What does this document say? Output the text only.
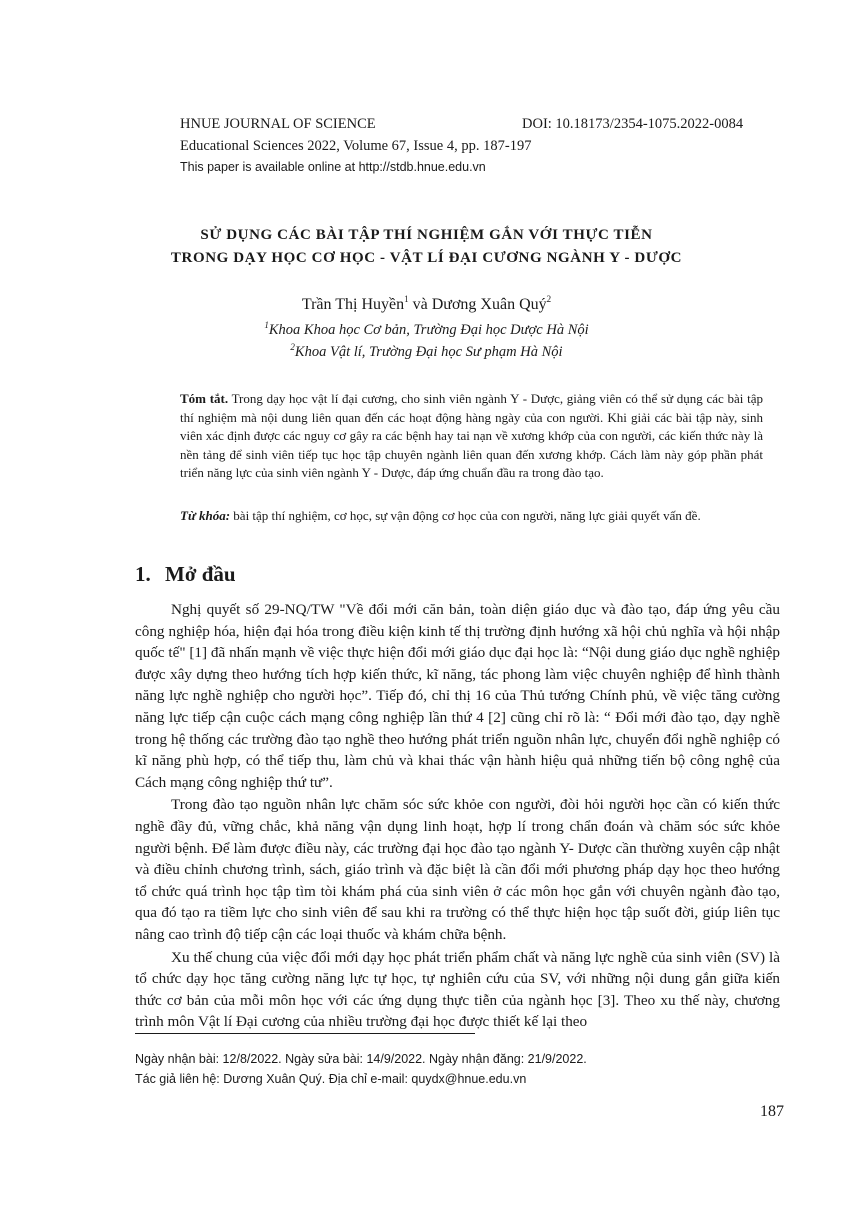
HNUE JOURNAL OF SCIENCE	DOI: 10.18173/2354-1075.2022-0084
Educational Sciences 2022, Volume 67, Issue 4, pp. 187-197
This paper is available online at http://stdb.hnue.edu.vn
SỬ DỤNG CÁC BÀI TẬP THÍ NGHIỆM GẮN VỚI THỰC TIỄN
TRONG DẠY HỌC CƠ HỌC - VẬT LÍ ĐẠI CƯƠNG NGÀNH Y - DƯỢC
Trần Thị Huyền$^1$ và Dương Xuân Quý$^2$
$^1$Khoa Khoa học Cơ bản, Trường Đại học Dược Hà Nội
$^2$Khoa Vật lí, Trường Đại học Sư phạm Hà Nội
Tóm tắt. Trong dạy học vật lí đại cương, cho sinh viên ngành Y - Dược, giảng viên có thể sử dụng các bài tập thí nghiệm mà nội dung liên quan đến các hoạt động hàng ngày của con người. Khi giải các bài tập này, sinh viên xác định được các nguy cơ gây ra các bệnh hay tai nạn về xương khớp của con người, các kiến thức này là nền tảng để sinh viên tiếp tục học tập chuyên ngành liên quan đến xương khớp. Cách làm này góp phần phát triển năng lực của sinh viên ngành Y - Dược, đáp ứng chuẩn đầu ra trong đào tạo.
Từ khóa: bài tập thí nghiệm, cơ học, sự vận động cơ học của con người, năng lực giải quyết vấn đề.
1. Mở đầu

Nghị quyết số 29-NQ/TW "Về đổi mới căn bản, toàn diện giáo dục và đào tạo, đáp ứng yêu cầu công nghiệp hóa, hiện đại hóa trong điều kiện kinh tế thị trường định hướng xã hội chủ nghĩa và hội nhập quốc tế" [1] đã nhấn mạnh về việc thực hiện đổi mới giáo dục đại học là: “Nội dung giáo dục nghề nghiệp được xây dựng theo hướng tích hợp kiến thức, kĩ năng, tác phong làm việc chuyên nghiệp để hình thành năng lực nghề nghiệp cho người học”. Tiếp đó, chỉ thị 16 của Thủ tướng Chính phủ, về việc tăng cường năng lực tiếp cận cuộc cách mạng công nghiệp lần thứ 4 [2] cũng chỉ rõ là: “ Đổi mới đào tạo, dạy nghề trong hệ thống các trường đào tạo nghề theo hướng phát triển nguồn nhân lực, chuyển đổi nghề nghiệp có kĩ năng phù hợp, có thể tiếp thu, làm chủ và khai thác vận hành hiệu quả những tiến bộ công nghệ của Cách mạng công nghiệp thứ tư”.

Trong đào tạo nguồn nhân lực chăm sóc sức khỏe con người, đòi hỏi người học cần có kiến thức nghề đầy đủ, vững chắc, khả năng vận dụng linh hoạt, hợp lí trong chẩn đoán và chăm sóc sức khỏe người bệnh. Để làm được điều này, các trường đại học đào tạo ngành Y- Dược cần thường xuyên cập nhật và điều chỉnh chương trình, sách, giáo trình và đặc biệt là cần đổi mới phương pháp dạy học theo hướng tổ chức quá trình học tập tìm tòi khám phá của sinh viên ở các môn học gắn với chuyên ngành đào tạo, qua đó tạo ra tiềm lực cho sinh viên để sau khi ra trường có thể thực hiện học tập suốt đời, giúp liên tục nâng cao trình độ tiếp cận các loại thuốc và khám chữa bệnh.

Xu thế chung của việc đổi mới dạy học phát triển phẩm chất và năng lực nghề của sinh viên (SV) là tổ chức dạy học tăng cường năng lực tự học, tự nghiên cứu của SV, với những nội dung gắn giữa kiến thức cơ bản của mỗi môn học với các ứng dụng thực tiễn của ngành học [3]. Theo xu thế này, chương trình môn Vật lí Đại cương của nhiều trường đại học được thiết kế lại theo

Ngày nhận bài: 12/8/2022. Ngày sửa bài: 14/9/2022. Ngày nhận đăng: 21/9/2022.
Tác giả liên hệ: Dương Xuân Quý. Địa chỉ e-mail: quydx@hnue.edu.vn
187
